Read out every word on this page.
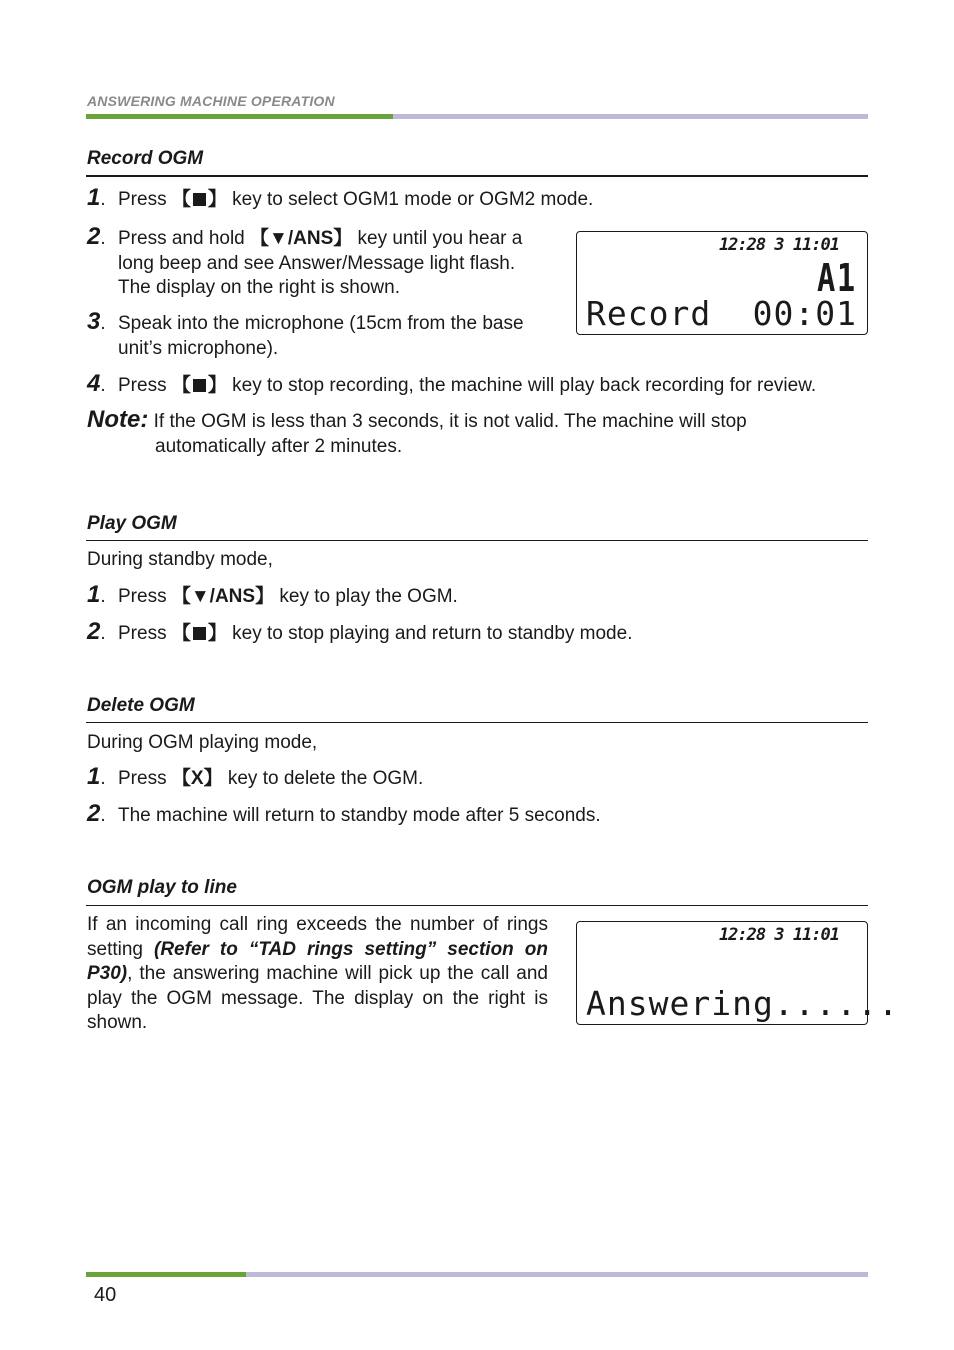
ANSWERING MACHINE OPERATION
Record OGM
1. Press 【 】 key to select OGM1 mode or OGM2 mode.
2. Press and hold 【▼/ANS】 key until you hear a
long beep and see Answer/Message light flash.
The display on the right is shown.
3. Speak into the microphone (15cm from the base
unit’s microphone).
12:28 3 11:01
A1
Record 00:01
4. Press 【 】 key to stop recording, the machine will play back recording for review.
Note: If the OGM is less than 3 seconds, it is not valid. The machine will stop
automatically after 2 minutes.
Play OGM
During standby mode,
1. Press 【▼/ANS】 key to play the OGM.
2. Press 【 】 key to stop playing and return to standby mode.
Delete OGM
During OGM playing mode,
1. Press 【X】 key to delete the OGM.
2. The machine will return to standby mode after 5 seconds.
OGM play to line
If an incoming call ring exceeds the number of rings setting (Refer to “TAD rings setting” section on P30), the answering machine will pick up the call and play the OGM message. The display on the right is shown.
12:28 3 11:01
Answering......
40
